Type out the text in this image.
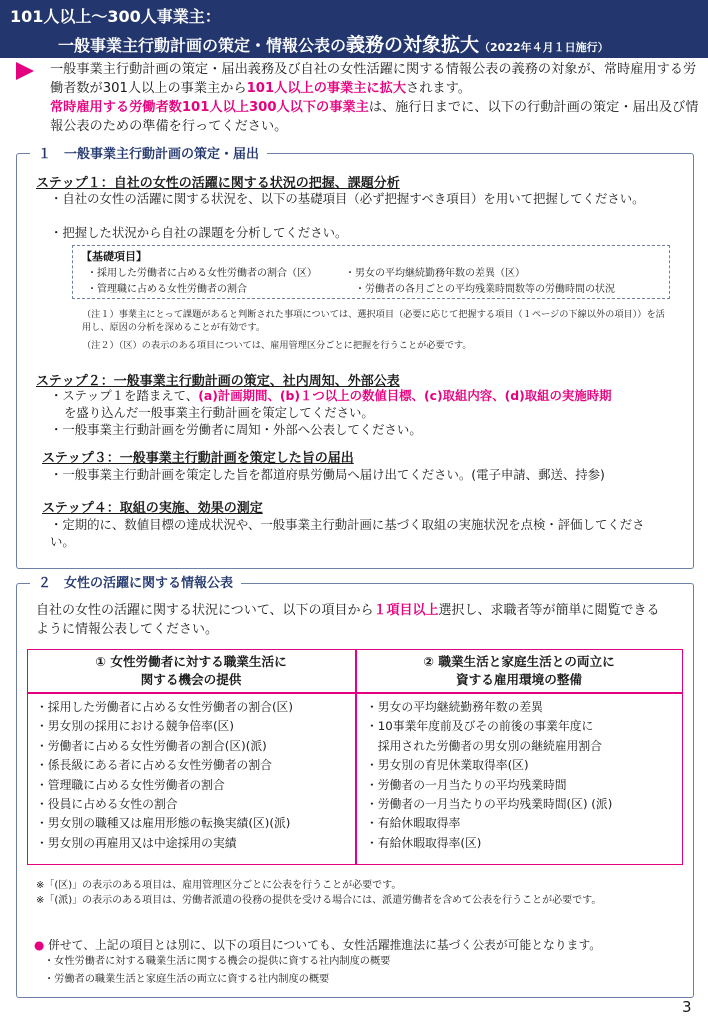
101人以上～300人事業主：
一般事業主行動計画の策定・情報公表の義務の対象拡大（2022年４月１日施行）
一般事業主行動計画の策定・届出義務及び自社の女性活躍に関する情報公表の義務の対象が、常時雇用する労働者数が301人以上の事業主から101人以上の事業主に拡大されます。
常時雇用する労働者数101人以上300人以下の事業主は、施行日までに、以下の行動計画の策定・届出及び情報公表のための準備を行ってください。
１　一般事業主行動計画の策定・届出
ステップ１：自社の女性の活躍に関する状況の把握、課題分析
・自社の女性の活躍に関する状況を、以下の基礎項目（必ず把握すべき項目）を用いて把握してください。
・把握した状況から自社の課題を分析してください。
【基礎項目】
・採用した労働者に占める女性労働者の割合（区）	・男女の平均継続勤務年数の差異（区）
・管理職に占める女性労働者の割合	・労働者の各月ごとの平均残業時間数等の労働時間の状況
（注１）事業主にとって課題があると判断された事項については、選択項目（必要に応じて把握する項目（１ページの下線以外の項目））を活用し、原因の分析を深めることが有効です。
（注２）（区）の表示のある項目については、雇用管理区分ごとに把握を行うことが必要です。
ステップ２：一般事業主行動計画の策定、社内周知、外部公表
・ステップ１を踏まえて、(a)計画期間、(b)１つ以上の数値目標、(c)取組内容、(d)取組の実施時期
を盛り込んだ一般事業主行動計画を策定してください。
・一般事業主行動計画を労働者に周知・外部へ公表してください。
ステップ３：一般事業主行動計画を策定した旨の届出
・一般事業主行動計画を策定した旨を都道府県労働局へ届け出てください。(電子申請、郵送、持参)
ステップ４：取組の実施、効果の測定
・定期的に、数値目標の達成状況や、一般事業主行動計画に基づく取組の実施状況を点検・評価してください。
２　女性の活躍に関する情報公表
自社の女性の活躍に関する状況について、以下の項目から１項目以上選択し、求職者等が簡単に閲覧できるように情報公表してください。
① 女性労働者に対する職業生活に
関する機会の提供
② 職業生活と家庭生活との両立に
資する雇用環境の整備
・採用した労働者に占める女性労働者の割合(区)
・男女別の採用における競争倍率(区)
・労働者に占める女性労働者の割合(区)(派)
・係長級にある者に占める女性労働者の割合
・管理職に占める女性労働者の割合
・役員に占める女性の割合
・男女別の職種又は雇用形態の転換実績(区)(派)
・男女別の再雇用又は中途採用の実績
・男女の平均継続勤務年数の差異
・10事業年度前及びその前後の事業年度に
　採用された労働者の男女別の継続雇用割合
・男女別の育児休業取得率(区)
・労働者の一月当たりの平均残業時間
・労働者の一月当たりの平均残業時間(区) (派)
・有給休暇取得率
・有給休暇取得率(区)
※「(区)」の表示のある項目は、雇用管理区分ごとに公表を行うことが必要です。
※「(派)」の表示のある項目は、労働者派遣の役務の提供を受ける場合には、派遣労働者を含めて公表を行うことが必要です。
● 併せて、上記の項目とは別に、以下の項目についても、女性活躍推進法に基づく公表が可能となります。
・女性労働者に対する職業生活に関する機会の提供に資する社内制度の概要
・労働者の職業生活と家庭生活の両立に資する社内制度の概要
3
